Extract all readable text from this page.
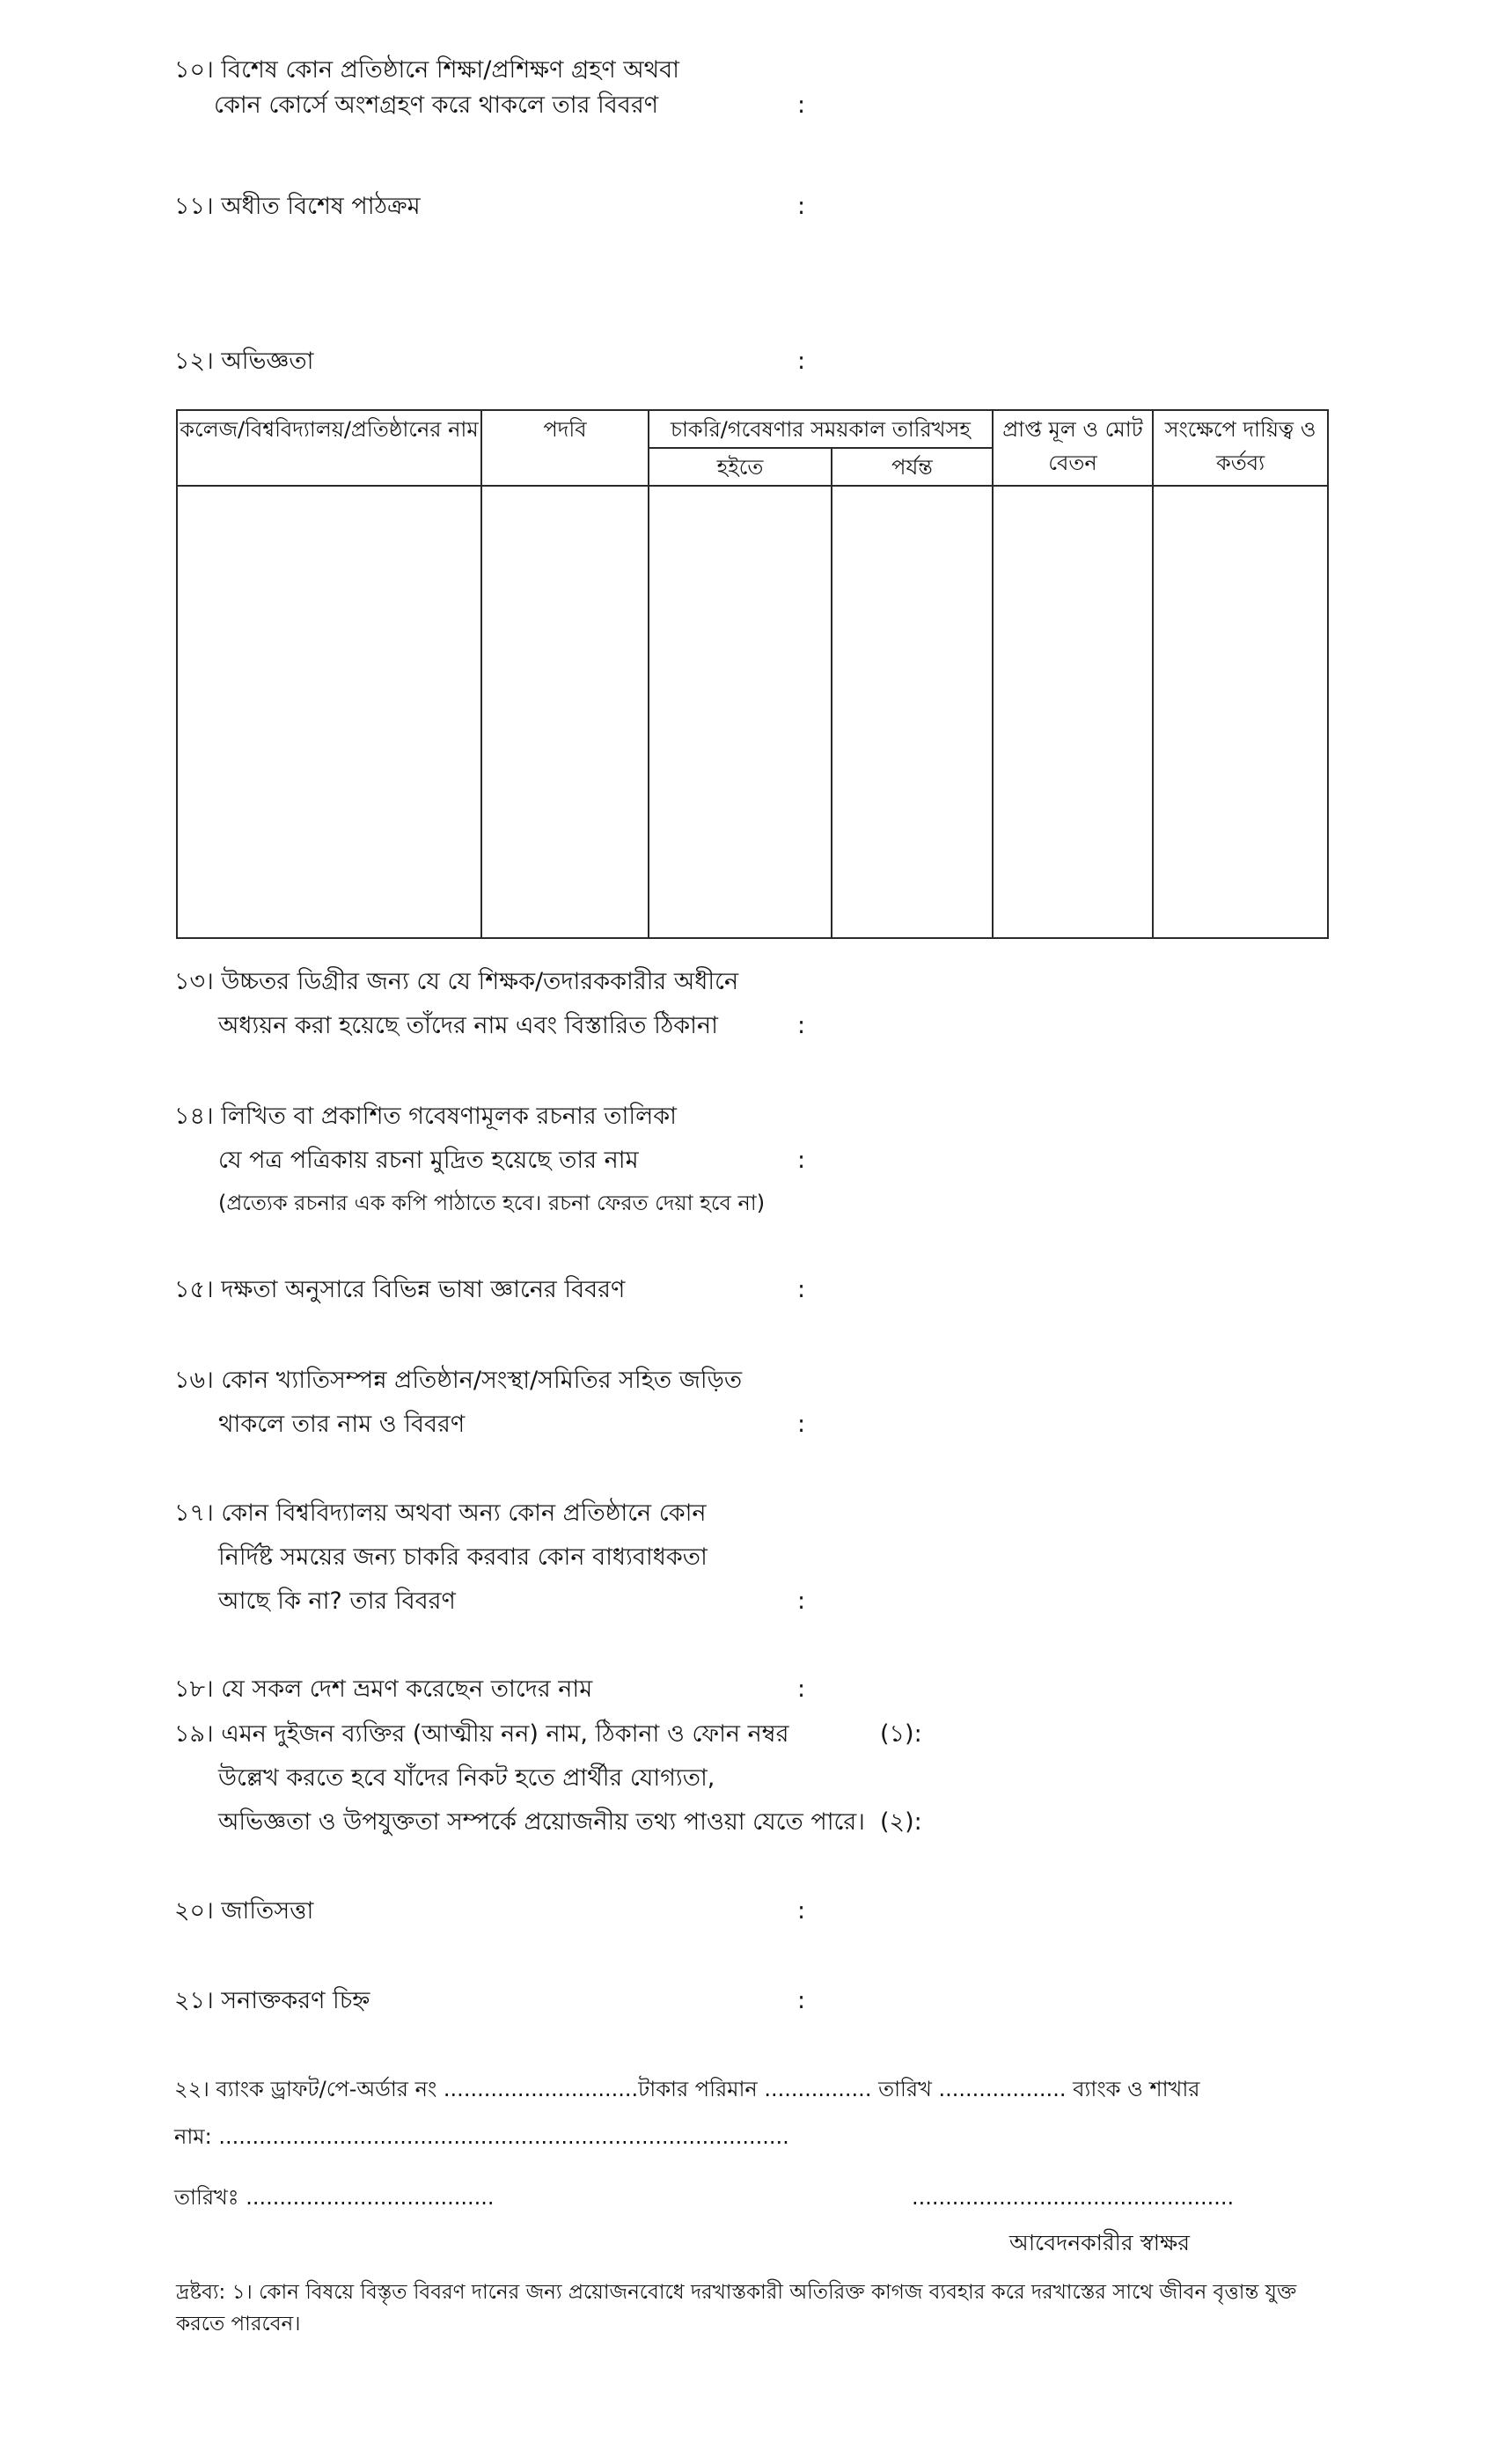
১০। বিশেষ কোন প্রতিষ্ঠানে শিক্ষা/প্রশিক্ষণ গ্রহণ অথবা
কোন কোর্সে অংশগ্রহণ করে থাকলে তার বিবরণ	:
১১। অধীত বিশেষ পাঠক্রম	:
১২। অভিজ্ঞতা	:
কলেজ/বিশ্ববিদ্যালয়/প্রতিষ্ঠানের নাম	পদবি	চাকরি/গবেষণার সময়কাল তারিখসহ		প্রাপ্ত মূল ও মোট বেতন	সংক্ষেপে দায়িত্ব ও কর্তব্য
		হইতে	পর্যন্ত		

১৩। উচ্চতর ডিগ্রীর জন্য যে যে শিক্ষক/তদারককারীর অধীনে
অধ্যয়ন করা হয়েছে তাঁদের নাম এবং বিস্তারিত ঠিকানা	:
১৪। লিখিত বা প্রকাশিত গবেষণামূলক রচনার তালিকা
যে পত্র পত্রিকায় রচনা মুদ্রিত হয়েছে তার নাম	:
(প্রত্যেক রচনার এক কপি পাঠাতে হবে। রচনা ফেরত দেয়া হবে না)
১৫। দক্ষতা অনুসারে বিভিন্ন ভাষা জ্ঞানের বিবরণ	:
১৬। কোন খ্যাতিসম্পন্ন প্রতিষ্ঠান/সংস্থা/সমিতির সহিত জড়িত
থাকলে তার নাম ও বিবরণ	:
১৭। কোন বিশ্ববিদ্যালয় অথবা অন্য কোন প্রতিষ্ঠানে কোন
নির্দিষ্ট সময়ের জন্য চাকরি করবার কোন বাধ্যবাধকতা
আছে কি না? তার বিবরণ	:
১৮। যে সকল দেশ ভ্রমণ করেছেন তাদের নাম	:
১৯। এমন দুইজন ব্যক্তির (আত্মীয় নন) নাম, ঠিকানা ও ফোন নম্বর	(১):
উল্লেখ করতে হবে যাঁদের নিকট হতে প্রার্থীর যোগ্যতা,
অভিজ্ঞতা ও উপযুক্ততা সম্পর্কে প্রয়োজনীয় তথ্য পাওয়া যেতে পারে। (২):
২০। জাতিসত্তা	:
২১। সনাক্তকরণ চিহ্ন	:
২২। ব্যাংক ড্রাফট/পে-অর্ডার নং .............................টাকার পরিমান ................ তারিখ ................... ব্যাংক ও শাখার
নাম: .....................................................................................
তারিখঃ .....................................	................................................
আবেদনকারীর স্বাক্ষর
দ্রষ্টব্য: ১। কোন বিষয়ে বিস্তৃত বিবরণ দানের জন্য প্রয়োজনবোধে দরখাস্তকারী অতিরিক্ত কাগজ ব্যবহার করে দরখাস্তের সাথে জীবন বৃত্তান্ত যুক্ত করতে পারবেন।
